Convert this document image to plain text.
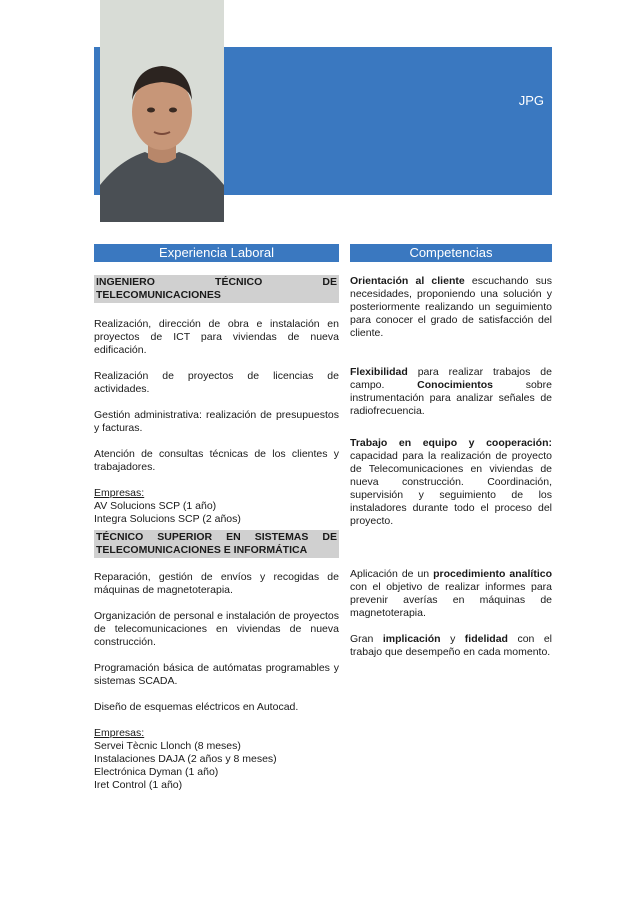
JPG
Experiencia Laboral
INGENIERO TÉCNICO DE TELECOMUNICACIONES

Realización, dirección de obra e instalación en proyectos de ICT para viviendas de nueva edificación.

Realización de proyectos de licencias de actividades.

Gestión administrativa: realización de presupuestos y facturas.

Atención de consultas técnicas de los clientes y trabajadores.

Empresas:

AV Solucions SCP (1 año)

Integra Solucions SCP (2 años)

TÉCNICO SUPERIOR EN SISTEMAS DE TELECOMUNICACIONES E INFORMÁTICA

Reparación, gestión de envíos y recogidas de máquinas de magnetoterapia.

Organización de personal e instalación de proyectos de telecomunicaciones en viviendas de nueva construcción.

Programación básica de autómatas programables y sistemas SCADA.

Diseño de esquemas eléctricos en Autocad.

Empresas:

Servei Tècnic Llonch (8 meses)

Instalaciones DAJA (2 años y 8 meses)

Electrónica Dyman (1 año)

Iret Control (1 año)

Competencias

Orientación al cliente escuchando sus necesidades, proponiendo una solución y posteriormente realizando un seguimiento para conocer el grado de satisfacción del cliente.

Flexibilidad para realizar trabajos de campo. Conocimientos sobre instrumentación para analizar señales de radiofrecuencia.

Trabajo en equipo y cooperación: capacidad para la realización de proyecto de Telecomunicaciones en viviendas de nueva construcción. Coordinación, supervisión y seguimiento de los instaladores durante todo el proceso del proyecto.

Aplicación de un procedimiento analítico con el objetivo de realizar informes para prevenir averías en máquinas de magnetoterapia.

Gran implicación y fidelidad con el trabajo que desempeño en cada momento.
